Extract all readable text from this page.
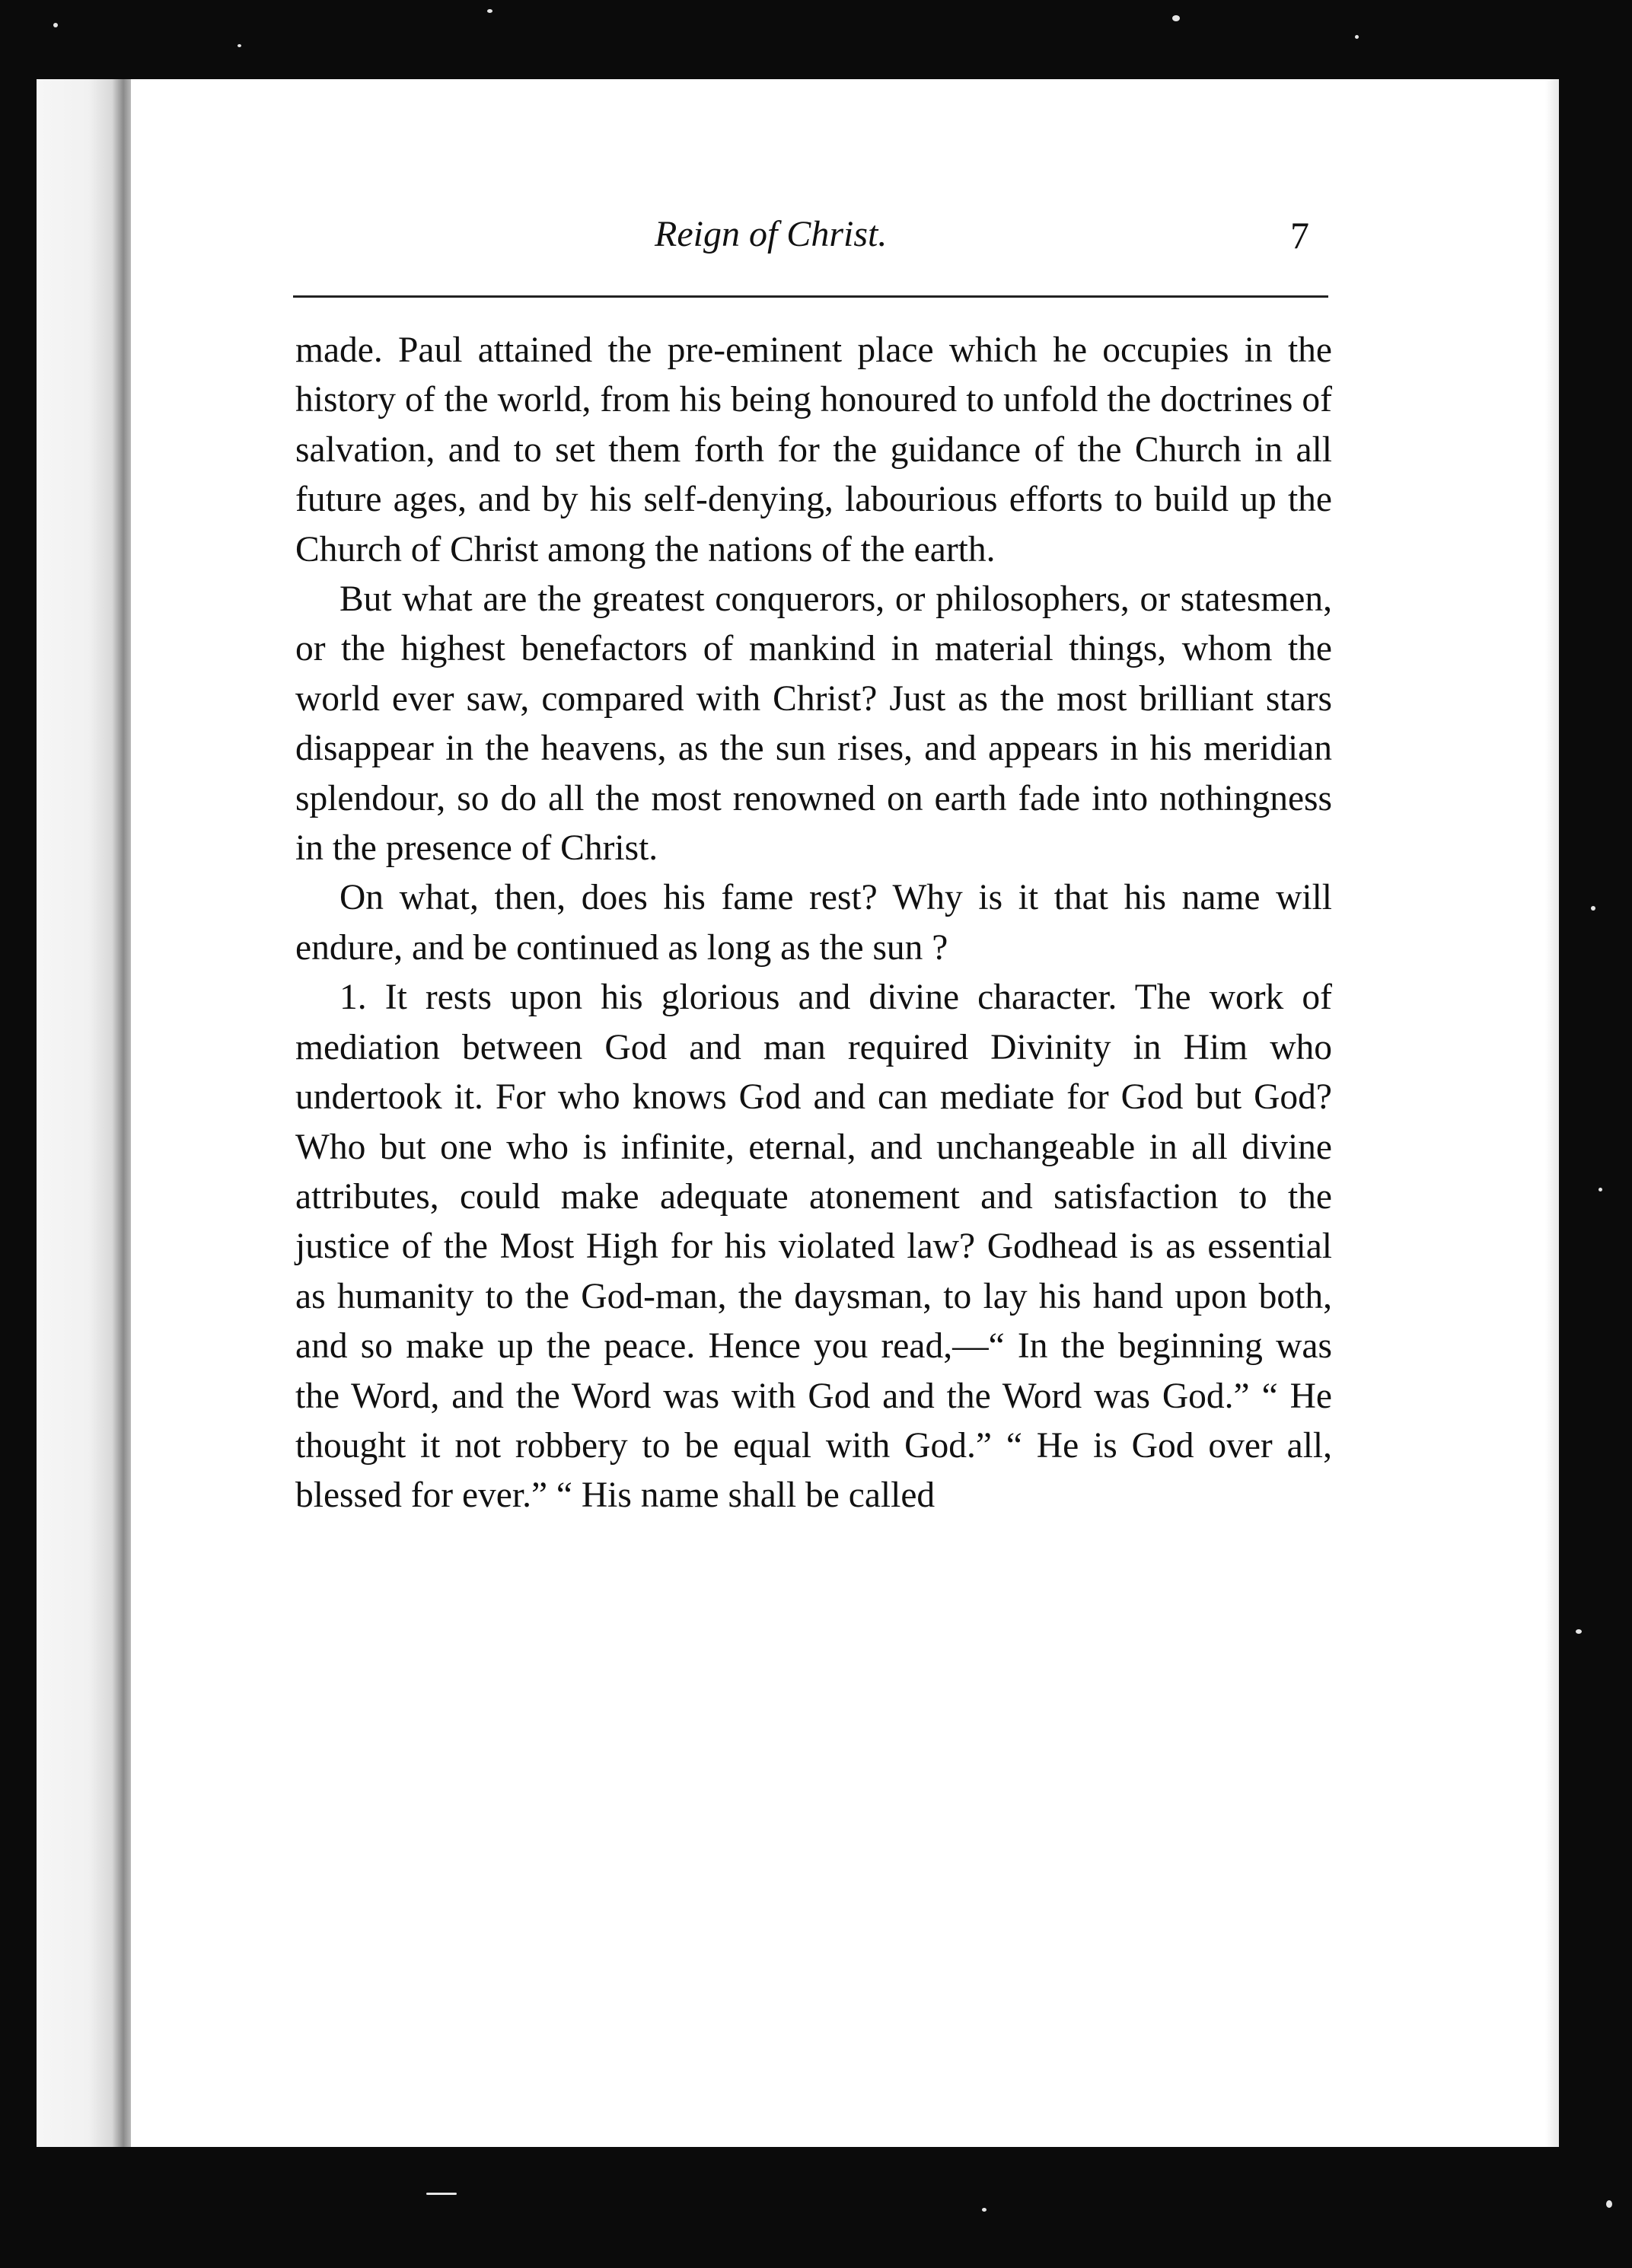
Reign of Christ.	7

made. Paul attained the pre-eminent place which he occupies in the history of the world, from his being honoured to unfold the doctrines of salvation, and to set them forth for the guidance of the Church in all future ages, and by his self-denying, labourious efforts to build up the Church of Christ among the nations of the earth.

But what are the greatest conquerors, or philosophers, or statesmen, or the highest benefactors of mankind in material things, whom the world ever saw, compared with Christ? Just as the most brilliant stars disappear in the heavens, as the sun rises, and appears in his meridian splendour, so do all the most renowned on earth fade into nothingness in the presence of Christ.

On what, then, does his fame rest? Why is it that his name will endure, and be continued as long as the sun ?

1. It rests upon his glorious and divine character. The work of mediation between God and man required Divinity in Him who undertook it. For who knows God and can mediate for God but God? Who but one who is infinite, eternal, and unchangeable in all divine attributes, could make adequate atonement and satisfaction to the justice of the Most High for his violated law? Godhead is as essential as humanity to the God-man, the daysman, to lay his hand upon both, and so make up the peace. Hence you read,—“ In the beginning was the Word, and the Word was with God and the Word was God.” “ He thought it not robbery to be equal with God.” “ He is God over all, blessed for ever.” “ His name shall be called
